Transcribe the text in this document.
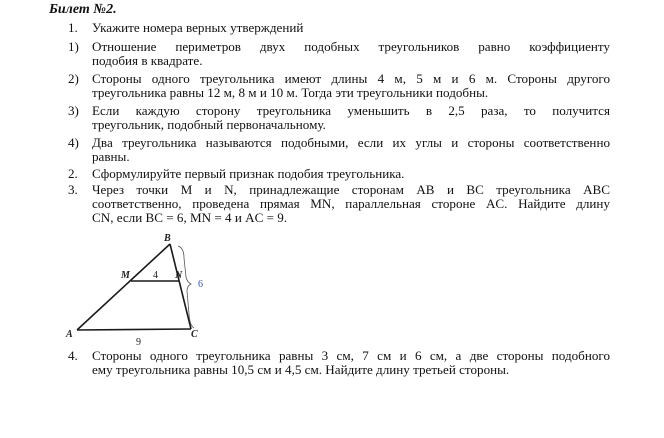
Билет №2.
1. Укажите номера верных утверждений
1) Отношение периметров двух подобных треугольников равно коэффициенту
подобия в квадрате.
2) Стороны одного треугольника имеют длины 4 м, 5 м и 6 м. Стороны другого
треугольника равны 12 м, 8 м и 10 м. Тогда эти треугольники подобны.
3) Если каждую сторону треугольника уменьшить в 2,5 раза, то получится
треугольник, подобный первоначальному.
4) Два треугольника называются подобными, если их углы и стороны соответственно
равны.
2. Сформулируйте первый признак подобия треугольника.
3. Через точки M и N, принадлежащие сторонам AB и BC треугольника ABC
соответственно, проведена прямая MN, параллельная стороне AC. Найдите длину
CN, если BC = 6, MN = 4 и AC = 9.
B
M	N
A	C
4
9
6
4. Стороны одного треугольника равны 3 см, 7 см и 6 см, а две стороны подобного
ему треугольника равны 10,5 см и 4,5 см. Найдите длину третьей стороны.
